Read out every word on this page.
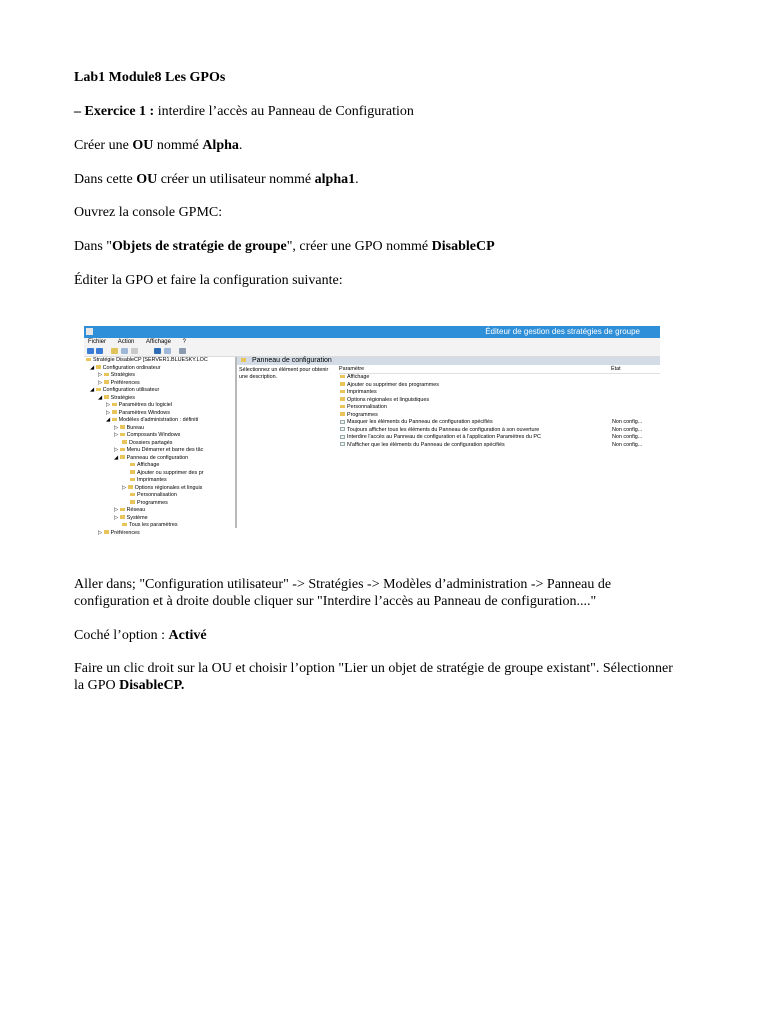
Lab1 Module8 Les GPOs

– Exercice 1 : interdire l’accès au Panneau de Configuration

Créer une OU nommé Alpha.

Dans cette OU créer un utilisateur nommé alpha1.

Ouvrez la console GPMC:

Dans "Objets de stratégie de groupe", créer une GPO nommé DisableCP

Éditer la GPO et faire la configuration suivante:

Éditeur de gestion des stratégies de groupe
Fichier Action Affichage ?
Stratégie DisableCP [SERVER1.BLUESKY.LOC
◢ Configuration ordinateur
▷ Stratégies
▷ Préférences
◢ Configuration utilisateur
◢ Stratégies
▷ Paramètres du logiciel
▷ Paramètres Windows
◢ Modèles d'administration : définiti
▷ Bureau
▷ Composants Windows
Dossiers partagés
▷ Menu Démarrer et barre des tâc
◢ Panneau de configuration
Affichage
Ajouter ou supprimer des pr
Imprimantes
▷ Options régionales et linguis
Personnalisation
Programmes
▷ Réseau
▷ Système
Tous les paramètres
▷ Préférences
Panneau de configuration
Sélectionnez un élément pour obtenir une description.
Paramètre	État
Affichage
Ajouter ou supprimer des programmes
Imprimantes
Options régionales et linguistiques
Personnalisation
Programmes
Masquer les éléments du Panneau de configuration spécifiés	Non config...
Toujours afficher tous les éléments du Panneau de configuration à son ouverture	Non config...
Interdire l'accès au Panneau de configuration et à l'application Paramètres du PC	Non config...
N'afficher que les éléments du Panneau de configuration spécifiés	Non config...

Aller dans; "Configuration utilisateur" -> Stratégies -> Modèles d’administration -> Panneau de configuration et à droite double cliquer sur "Interdire l’accès au Panneau de configuration...."

Coché l’option : Activé

Faire un clic droit sur la OU et choisir l’option "Lier un objet de stratégie de groupe existant". Sélectionner la GPO DisableCP.
